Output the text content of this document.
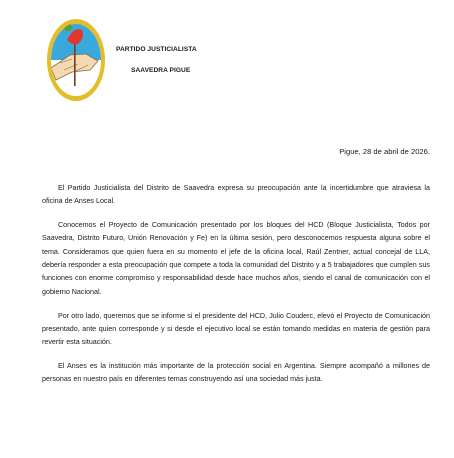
PARTIDO JUSTICIALISTA
SAAVEDRA PIGUE
Pigue, 28 de abril de 2026.

El Partido Justicialista del Distrito de Saavedra expresa su preocupación ante la incertidumbre que atraviesa la oficina de Anses Local.

Conocemos el Proyecto de Comunicación presentado por los bloques del HCD (Bloque Justicialista, Todos por Saavedra, Distrito Futuro, Unión Renovación y Fe) en la última sesión, pero desconocemos respuesta alguna sobre el tema. Consideramos que quien fuera en su momento el jefe de la oficina local, Raúl Zentner, actual concejal de LLA, debería responder a esta preocupación que compete a toda la comunidad del Distrito y a 5 trabajadores que cumplen sus funciones con enorme compromiso y responsabilidad desde hace muchos años, siendo el canal de comunicación con el gobierno Nacional.

Por otro lado, queremos que se informe si el presidente del HCD, Julio Couderc, elevó el Proyecto de Comunicación presentado, ante quien corresponde y si desde el ejecutivo local se están tomando medidas en materia de gestión para revertir esta situación.

El Anses es la institución más importante de la protección social en Argentina. Siempre acompañó a millones de personas en nuestro país en diferentes temas construyendo así una sociedad más justa.
